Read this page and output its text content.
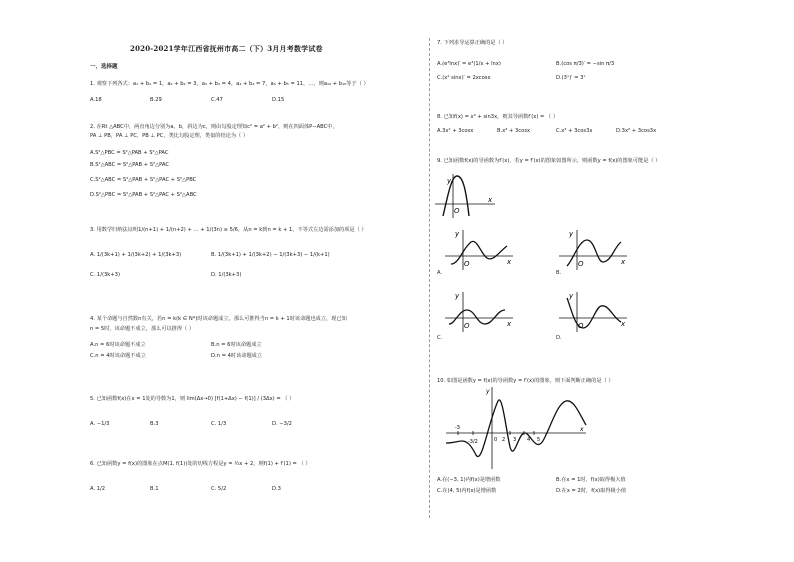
2020-2021学年江西省抚州市高二（下）3月月考数学试卷
一、选择题
1. 观察下列各式：a₁ + b₁ = 1，a₂ + b₂ = 3，a₃ + b₃ = 4，a₄ + b₄ = 7，a₅ + b₅ = 11，…，则a₁₀ + b₁₀等于（ ）
A.18	B.29	C.47	D.15
2. 在Rt △ABC中，两直角边分别为a，b，斜边为c，则由勾股定理知c² = a² + b²，则在四面体P−ABC中，
PA ⊥ PB，PA ⊥ PC，PB ⊥ PC，类比勾股定理，类似的结论为（ ）
A.S²△PBC = S²△PAB + S²△PAC
B.S²△ABC = S²△PAB + S²△PAC
C.S²△ABC = S²△PAB + S²△PAC + S²△PBC
D.S²△PBC = S²△PAB + S²△PAC + S²△ABC
3. 用数学归纳法证明1/(n+1) + 1/(n+2) + … + 1/(3n) ≥ 5/6，从n = k到n = k + 1，不等式左边需添加的项是（ ）
A. 1/(3k+1) + 1/(3k+2) + 1/(3k+3)	B. 1/(3k+1) + 1/(3k+2) − 1/(3k+3) − 1/(k+1)
C. 1/(3k+3)	D. 1/(3k+3)
4. 某个命题与自然数n有关，若n = k(k ∈ N*)时该命题成立，那么可推得当n = k + 1时该命题也成立，现已知
n = 5时，该命题不成立，那么可以推得（ ）
A.n = 6时该命题不成立	B.n = 6时该命题成立
C.n = 4时该命题不成立	D.n = 4时该命题成立
5. 已知函数f(x)在x = 1处的导数为1，则 lim(Δx→0) [f(1+Δx) − f(1)] / (3Δx) = （ ）
A. −1/3	B.3	C. 1/3	D. −3/2
6. 已知函数y = f(x)的图象在点M(1, f(1))处的切线方程是y = ½x + 2，则f(1) + f′(1) = （ ）
A. 1/2	B.1	C. 5/2	D.3
7. 下列求导运算正确的是（ ）
A.(e³lnx)′ = e³(1/x + lnx)	B.(cos π/3)′ = −sin π/3
C.(x² sinx)′ = 2xcosx	D.(3ˣ)′ = 3ˣ
8. 已知f(x) = x³ + sin3x，则其导函数f′(x) = （ ）
A.3x² + 3cosx	B.x³ + 3cosx	C.x³ + 3cos3x	D.3x² + 3cos3x
9. 已知函数f(x)的导函数为f′(x)，若y = f′(x)的图象如图所示，则函数y = f(x)的图象可能是（ ）
y
O
x
y
O	x
A.
y
O	x
B.
y
O	x
C.
y
O	x
D.
10. 如图是函数y = f(x)的导函数y = f′(x)的图象，则下面判断正确的是（ ）
y
x
-3
-3/2	0 2 3 4 5
A.在(−3, 1)内f(x)是增函数	B.在x = 1时，f(x)取得极大值
C.在(4, 5)内f(x)是增函数	D.在x = 2时，f(x)取得极小值
